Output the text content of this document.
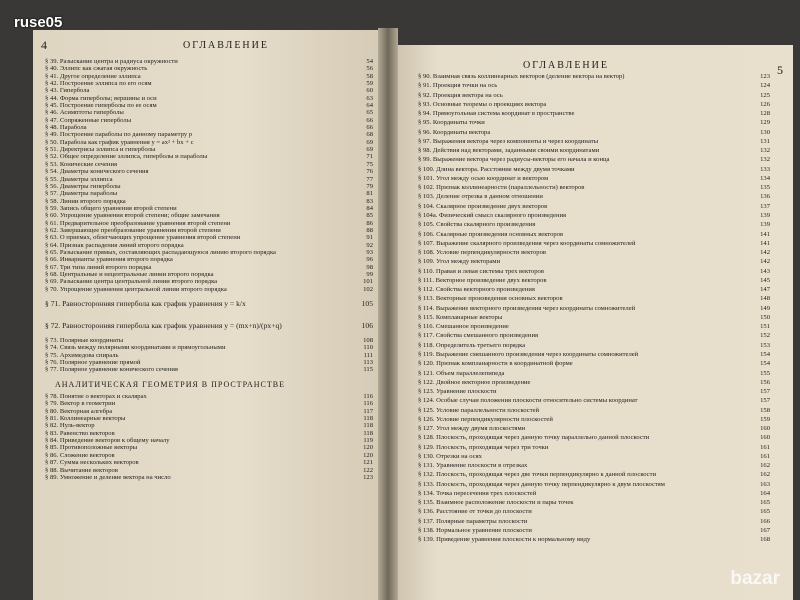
ruse05
bazar
4	ОГЛАВЛЕНИЕ
§ 39. Разыскание центра и радиуса окружности	54
§ 40. Эллипс как сжатая окружность	56
§ 41. Другое определение эллипса	58
§ 42. Построение эллипса по его осям	59
§ 43. Гипербола	60
§ 44. Форма гиперболы; вершины и оси	63
§ 45. Построение гиперболы по ее осям	64
§ 46. Асимптоты гиперболы	65
§ 47. Сопряженные гиперболы	66
§ 48. Парабола	66
§ 49. Построение параболы по данному параметру p	68
§ 50. Парабола как график уравнения y = ax² + bx + c	69
§ 51. Директрисы эллипса и гиперболы	69
§ 52. Общее определение эллипса, гиперболы и параболы	71
§ 53. Конические сечения	75
§ 54. Диаметры конического сечения	76
§ 55. Диаметры эллипса	77
§ 56. Диаметры гиперболы	79
§ 57. Диаметры параболы	81
§ 58. Линии второго порядка	83
§ 59. Запись общего уравнения второй степени	84
§ 60. Упрощение уравнения второй степени; общие замечания	85
§ 61. Предварительное преобразование уравнения второй степени	86
§ 62. Завершающее преобразование уравнения второй степени	88
§ 63. О приемах, облегчающих упрощение уравнения второй степени	91
§ 64. Признак распадения линий второго порядка	92
§ 65. Разыскание прямых, составляющих распадающуюся линию второго порядка	93
§ 66. Инварианты уравнения второго порядка	96
§ 67. Три типа линий второго порядка	98
§ 68. Центральные и нецентральные линии второго порядка	99
§ 69. Разыскание центра центральной линии второго порядка	101
§ 70. Упрощение уравнения центральной линии второго порядка	102
§ 71. Равносторонняя гипербола как график уравнения y = k/x	105
§ 72. Равносторонняя гипербола как график уравнения y = (mx+n)/(px+q)	106
§ 73. Полярные координаты	108
§ 74. Связь между полярными координатами и прямоугольными	110
§ 75. Архимедова спираль	111
§ 76. Полярное уравнение прямой	113
§ 77. Полярное уравнение конического сечения	115
АНАЛИТИЧЕСКАЯ ГЕОМЕТРИЯ В ПРОСТРАНСТВЕ
§ 78. Понятие о векторах и скалярах	116
§ 79. Вектор в геометрии	116
§ 80. Векторная алгебра	117
§ 81. Коллинеарные векторы	118
§ 82. Нуль-вектор	118
§ 83. Равенство векторов	118
§ 84. Приведение векторов к общему началу	119
§ 85. Противоположные векторы	120
§ 86. Сложение векторов	120
§ 87. Сумма нескольких векторов	121
§ 88. Вычитание векторов	122
§ 89. Умножение и деление вектора на число	123
5
ОГЛАВЛЕНИЕ
§ 90. Взаимная связь коллинеарных векторов (деление вектора на вектор)	123
§ 91. Проекция точки на ось	124
§ 92. Проекция вектора на ось	125
§ 93. Основные теоремы о проекциях вектора	126
§ 94. Прямоугольная система координат в пространстве	128
§ 95. Координаты точки	129
§ 96. Координаты вектора	130
§ 97. Выражения вектора через компоненты и через координаты	131
§ 98. Действия над векторами, заданными своими координатами	132
§ 99. Выражение вектора через радиусы-векторы его начала и конца	132
§ 100. Длина вектора. Расстояние между двумя точками	133
§ 101. Угол между осью координат и вектором	134
§ 102. Признак коллинеарности (параллельности) векторов	135
§ 103. Деление отрезка в данном отношении	136
§ 104. Скалярное произведение двух векторов	137
§ 104а. Физический смысл скалярного произведения	139
§ 105. Свойства скалярного произведения	139
§ 106. Скалярные произведения основных векторов	141
§ 107. Выражение скалярного произведения через координаты сомножителей	141
§ 108. Условие перпендикулярности векторов	142
§ 109. Угол между векторами	142
§ 110. Правая и левая системы трех векторов	143
§ 111. Векторное произведение двух векторов	145
§ 112. Свойства векторного произведения	147
§ 113. Векторные произведения основных векторов	148
§ 114. Выражение векторного произведения через координаты сомножителей	149
§ 115. Компланарные векторы	150
§ 116. Смешанное произведение	151
§ 117. Свойства смешанного произведения	152
§ 118. Определитель третьего порядка	153
§ 119. Выражение смешанного произведения через координаты сомножителей	154
§ 120. Признак компланарности в координатной форме	154
§ 121. Объем параллелепипеда	155
§ 122. Двойное векторное произведение	156
§ 123. Уравнение плоскости	157
§ 124. Особые случаи положения плоскости относительно системы координат	157
§ 125. Условие параллельности плоскостей	158
§ 126. Условие перпендикулярности плоскостей	159
§ 127. Угол между двумя плоскостями	160
§ 128. Плоскость, проходящая через данную точку параллельно данной плоскости	160
§ 129. Плоскость, проходящая через три точки	161
§ 130. Отрезки на осях	161
§ 131. Уравнение плоскости в отрезках	162
§ 132. Плоскость, проходящая через две точки перпендикулярно к данной плоскости	162
§ 133. Плоскость, проходящая через данную точку перпендикулярно к двум плоскостям	163
§ 134. Точка пересечения трех плоскостей	164
§ 135. Взаимное расположение плоскости и пары точек	165
§ 136. Расстояние от точки до плоскости	165
§ 137. Полярные параметры плоскости	166
§ 138. Нормальное уравнение плоскости	167
§ 139. Приведение уравнения плоскости к нормальному виду	168
